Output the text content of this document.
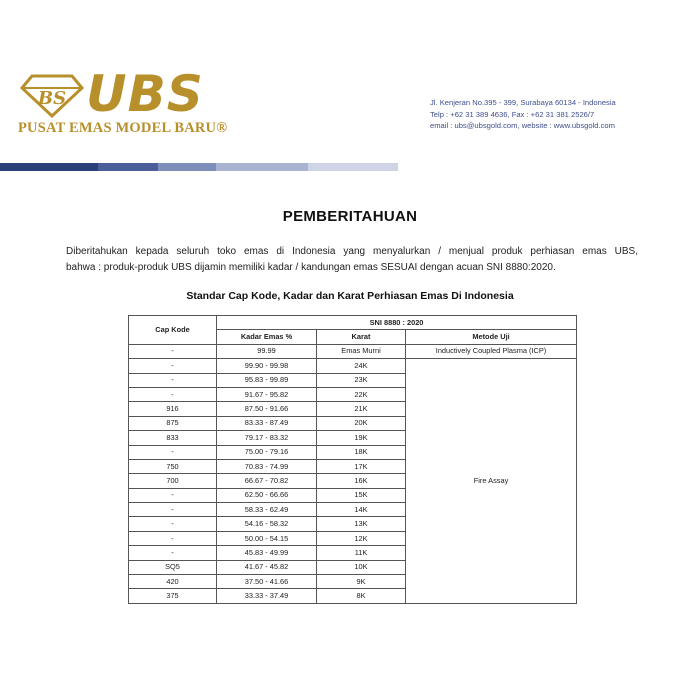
BS UBS
PUSAT EMAS MODEL BARU®
Jl. Kenjeran No.395 - 399, Surabaya 60134 - Indonesia
Telp : +62 31 389 4636, Fax : +62 31 381 2526/7
email : ubs@ubsgold.com, website : www.ubsgold.com
PEMBERITAHUAN
Diberitahukan kepada seluruh toko emas di Indonesia yang menyalurkan / menjual produk perhiasan emas UBS,
bahwa : produk-produk UBS dijamin memiliki kadar / kandungan emas SESUAI dengan acuan SNI 8880:2020.
Standar Cap Kode, Kadar dan Karat Perhiasan Emas Di Indonesia
Cap Kode	SNI 8880 : 2020		
	Kadar Emas %	Karat	Metode Uji
-	99.99	Emas Murni	Inductively Coupled Plasma (ICP)
-	99.90 - 99.98	24K	Fire Assay
-	95.83 - 99.89	23K	
-	91.67 - 95.82	22K	
916	87.50 - 91.66	21K	
875	83.33 - 87.49	20K	
833	79.17 - 83.32	19K	
-	75.00 - 79.16	18K	
750	70.83 - 74.99	17K	
700	66.67 - 70.82	16K	
-	62.50 - 66.66	15K	
-	58.33 - 62.49	14K	
-	54.16 - 58.32	13K	
-	50.00 - 54.15	12K	
-	45.83 - 49.99	11K	
SQ5	41.67 - 45.82	10K	
420	37.50 - 41.66	9K	
375	33.33 - 37.49	8K	
